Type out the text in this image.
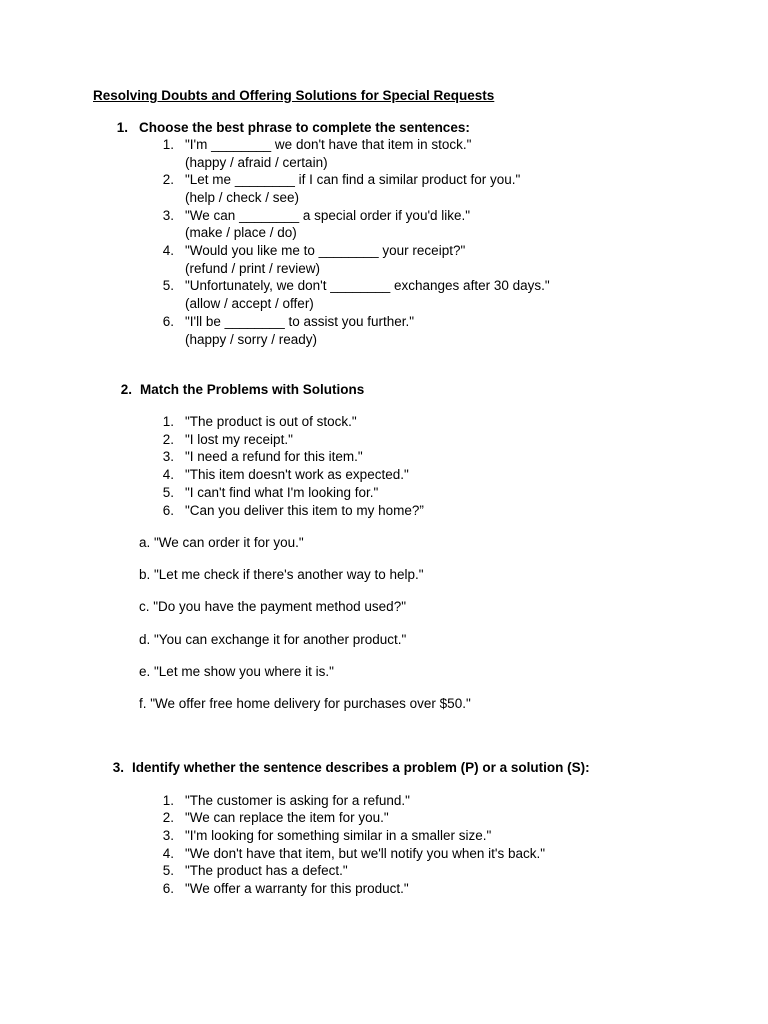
Resolving Doubts and Offering Solutions for Special Requests
1. Choose the best phrase to complete the sentences:
1. "I'm ________ we don't have that item in stock."
(happy / afraid / certain)
2. "Let me ________ if I can find a similar product for you."
(help / check / see)
3. "We can ________ a special order if you'd like."
(make / place / do)
4. "Would you like me to ________ your receipt?"
(refund / print / review)
5. "Unfortunately, we don't ________ exchanges after 30 days."
(allow / accept / offer)
6. "I'll be ________ to assist you further."
(happy / sorry / ready)
2. Match the Problems with Solutions
1. "The product is out of stock."
2. "I lost my receipt."
3. "I need a refund for this item."
4. "This item doesn't work as expected."
5. "I can't find what I'm looking for."
6. "Can you deliver this item to my home?”
a. "We can order it for you."
b. "Let me check if there's another way to help."
c. "Do you have the payment method used?"
d. "You can exchange it for another product."
e. "Let me show you where it is."
f. "We offer free home delivery for purchases over $50."
3. Identify whether the sentence describes a problem (P) or a solution (S):
1. "The customer is asking for a refund."
2. "We can replace the item for you."
3. "I'm looking for something similar in a smaller size."
4. "We don't have that item, but we'll notify you when it's back."
5. "The product has a defect."
6. "We offer a warranty for this product."
